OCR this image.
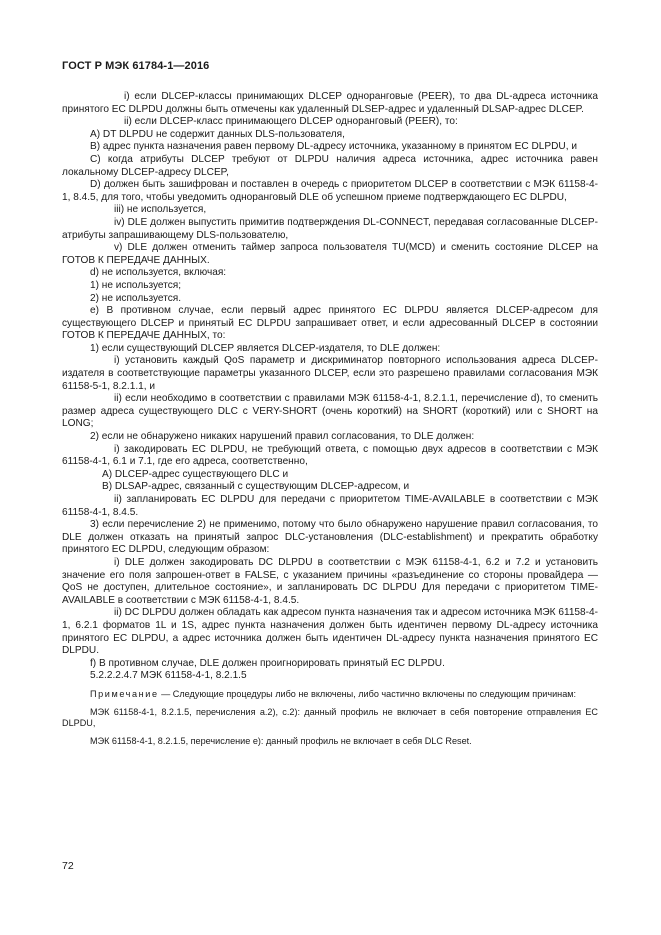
ГОСТ Р МЭК 61784-1—2016

i) если DLCEP-классы принимающих DLCEP одноранговые (PEER), то два DL-адреса источника принятого EC DLPDU должны быть отмечены как удаленный DLSEP-адрес и удаленный DLSAP-адрес DLCEP.

ii) если DLCEP-класс принимающего DLCEP одноранговый (PEER), то:

A) DT DLPDU не содержит данных DLS-пользователя,

B) адрес пункта назначения равен первому DL-адресу источника, указанному в принятом EC DLPDU, и

C) когда атрибуты DLCEP требуют от DLPDU наличия адреса источника, адрес источника равен локальному DLCEP-адресу DLCEP,

D) должен быть зашифрован и поставлен в очередь с приоритетом DLCEP в соответствии с МЭК 61158-4-1, 8.4.5, для того, чтобы уведомить одноранговый DLE об успешном приеме подтверждающего EC DLPDU,

iii) не используется,

iv) DLE должен выпустить примитив подтверждения DL-CONNECT, передавая согласованные DLCEP-атрибуты запрашивающему DLS-пользователю,

v) DLE должен отменить таймер запроса пользователя TU(MCD) и сменить состояние DLCEP на ГОТОВ К ПЕРЕДАЧЕ ДАННЫХ.

d) не используется, включая:

1) не используется;

2) не используется.

e) В противном случае, если первый адрес принятого EC DLPDU является DLCEP-адресом для существующего DLCEP и принятый EC DLPDU запрашивает ответ, и если адресованный DLCEP в состоянии ГОТОВ К ПЕРЕДАЧЕ ДАННЫХ, то:

1) если существующий DLCEP является DLCEP-издателя, то DLE должен:

i) установить каждый QoS параметр и дискриминатор повторного использования адреса DLCEP-издателя в соответствующие параметры указанного DLCEP, если это разрешено правилами согласования МЭК 61158-5-1, 8.2.1.1, и

ii) если необходимо в соответствии с правилами МЭК 61158-4-1, 8.2.1.1, перечисление d), то сменить размер адреса существующего DLC с VERY-SHORT (очень короткий) на SHORT (короткий) или с SHORT на LONG;

2) если не обнаружено никаких нарушений правил согласования, то DLE должен:

i) закодировать EC DLPDU, не требующий ответа, с помощью двух адресов в соответствии с МЭК 61158-4-1, 6.1 и 7.1, где его адреса, соответственно,

A) DLCEP-адрес существующего DLC и

B) DLSAP-адрес, связанный с существующим DLCEP-адресом, и

ii) запланировать EC DLPDU для передачи с приоритетом TIME-AVAILABLE в соответствии с МЭК 61158-4-1, 8.4.5.

3) если перечисление 2) не применимо, потому что было обнаружено нарушение правил согласования, то DLE должен отказать на принятый запрос DLC-установления (DLC-establishment) и прекратить обработку принятого EC DLPDU, следующим образом:

i) DLE должен закодировать DC DLPDU в соответствии с МЭК 61158-4-1, 6.2 и 7.2 и установить значение его поля запрошен-ответ в FALSE, с указанием причины «разъединение со стороны провайдера — QoS не доступен, длительное состояние», и запланировать DC DLPDU Для передачи с приоритетом TIME-AVAILABLE в соответствии с МЭК 61158-4-1, 8.4.5.

ii) DC DLPDU должен обладать как адресом пункта назначения так и адресом источника МЭК 61158-4-1, 6.2.1 форматов 1L и 1S, адрес пункта назначения должен быть идентичен первому DL-адресу источника принятого EC DLPDU, а адрес источника должен быть идентичен DL-адресу пункта назначения принятого EC DLPDU.

f) В противном случае, DLE должен проигнорировать принятый EC DLPDU.

5.2.2.2.4.7 МЭК 61158-4-1, 8.2.1.5

Примечание — Следующие процедуры либо не включены, либо частично включены по следующим причинам:

МЭК 61158-4-1, 8.2.1.5, перечисления а.2), с.2): данный профиль не включает в себя повторение отправления EC DLPDU,

МЭК 61158-4-1, 8.2.1.5, перечисление e): данный профиль не включает в себя DLC Reset.

72
